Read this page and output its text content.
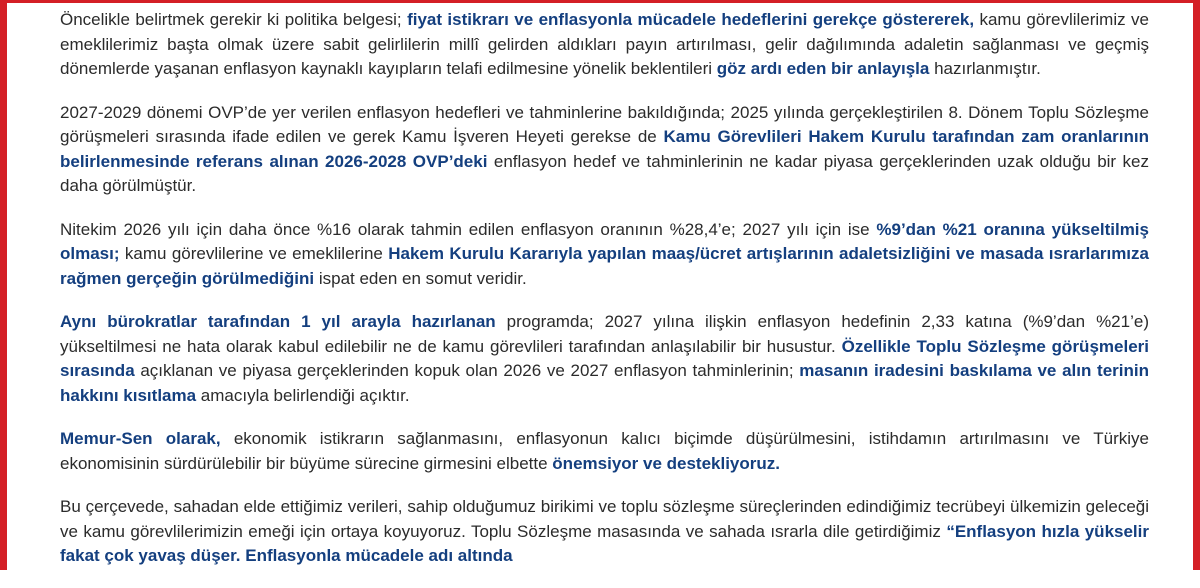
Öncelikle belirtmek gerekir ki politika belgesi; fiyat istikrarı ve enflasyonla mücadele hedeflerini gerekçe göstererek, kamu görevlilerimiz ve emeklilerimiz başta olmak üzere sabit gelirlilerin millî gelirden aldıkları payın artırılması, gelir dağılımında adaletin sağlanması ve geçmiş dönemlerde yaşanan enflasyon kaynaklı kayıpların telafi edilmesine yönelik beklentileri göz ardı eden bir anlayışla hazırlanmıştır.

2027-2029 dönemi OVP’de yer verilen enflasyon hedefleri ve tahminlerine bakıldığında; 2025 yılında gerçekleştirilen 8. Dönem Toplu Sözleşme görüşmeleri sırasında ifade edilen ve gerek Kamu İşveren Heyeti gerekse de Kamu Görevlileri Hakem Kurulu tarafından zam oranlarının belirlenmesinde referans alınan 2026-2028 OVP’deki enflasyon hedef ve tahminlerinin ne kadar piyasa gerçeklerinden uzak olduğu bir kez daha görülmüştür.

Nitekim 2026 yılı için daha önce %16 olarak tahmin edilen enflasyon oranının %28,4’e; 2027 yılı için ise %9’dan %21 oranına yükseltilmiş olması; kamu görevlilerine ve emeklilerine Hakem Kurulu Kararıyla yapılan maaş/ücret artışlarının adaletsizliğini ve masada ısrarlarımıza rağmen gerçeğin görülmediğini ispat eden en somut veridir.

Aynı bürokratlar tarafından 1 yıl arayla hazırlanan programda; 2027 yılına ilişkin enflasyon hedefinin 2,33 katına (%9’dan %21’e) yükseltilmesi ne hata olarak kabul edilebilir ne de kamu görevlileri tarafından anlaşılabilir bir husustur. Özellikle Toplu Sözleşme görüşmeleri sırasında açıklanan ve piyasa gerçeklerinden kopuk olan 2026 ve 2027 enflasyon tahminlerinin; masanın iradesini baskılama ve alın terinin hakkını kısıtlama amacıyla belirlendiği açıktır.

Memur-Sen olarak, ekonomik istikrarın sağlanmasını, enflasyonun kalıcı biçimde düşürülmesini, istihdamın artırılmasını ve Türkiye ekonomisinin sürdürülebilir bir büyüme sürecine girmesini elbette önemsiyor ve destekliyoruz.

Bu çerçevede, sahadan elde ettiğimiz verileri, sahip olduğumuz birikimi ve toplu sözleşme süreçlerinden edindiğimiz tecrübeyi ülkemizin geleceği ve kamu görevlilerimizin emeği için ortaya koyuyoruz. Toplu Sözleşme masasında ve sahada ısrarla dile getirdiğimiz “Enflasyon hızla yükselir fakat çok yavaş düşer. Enflasyonla mücadele adı altında
